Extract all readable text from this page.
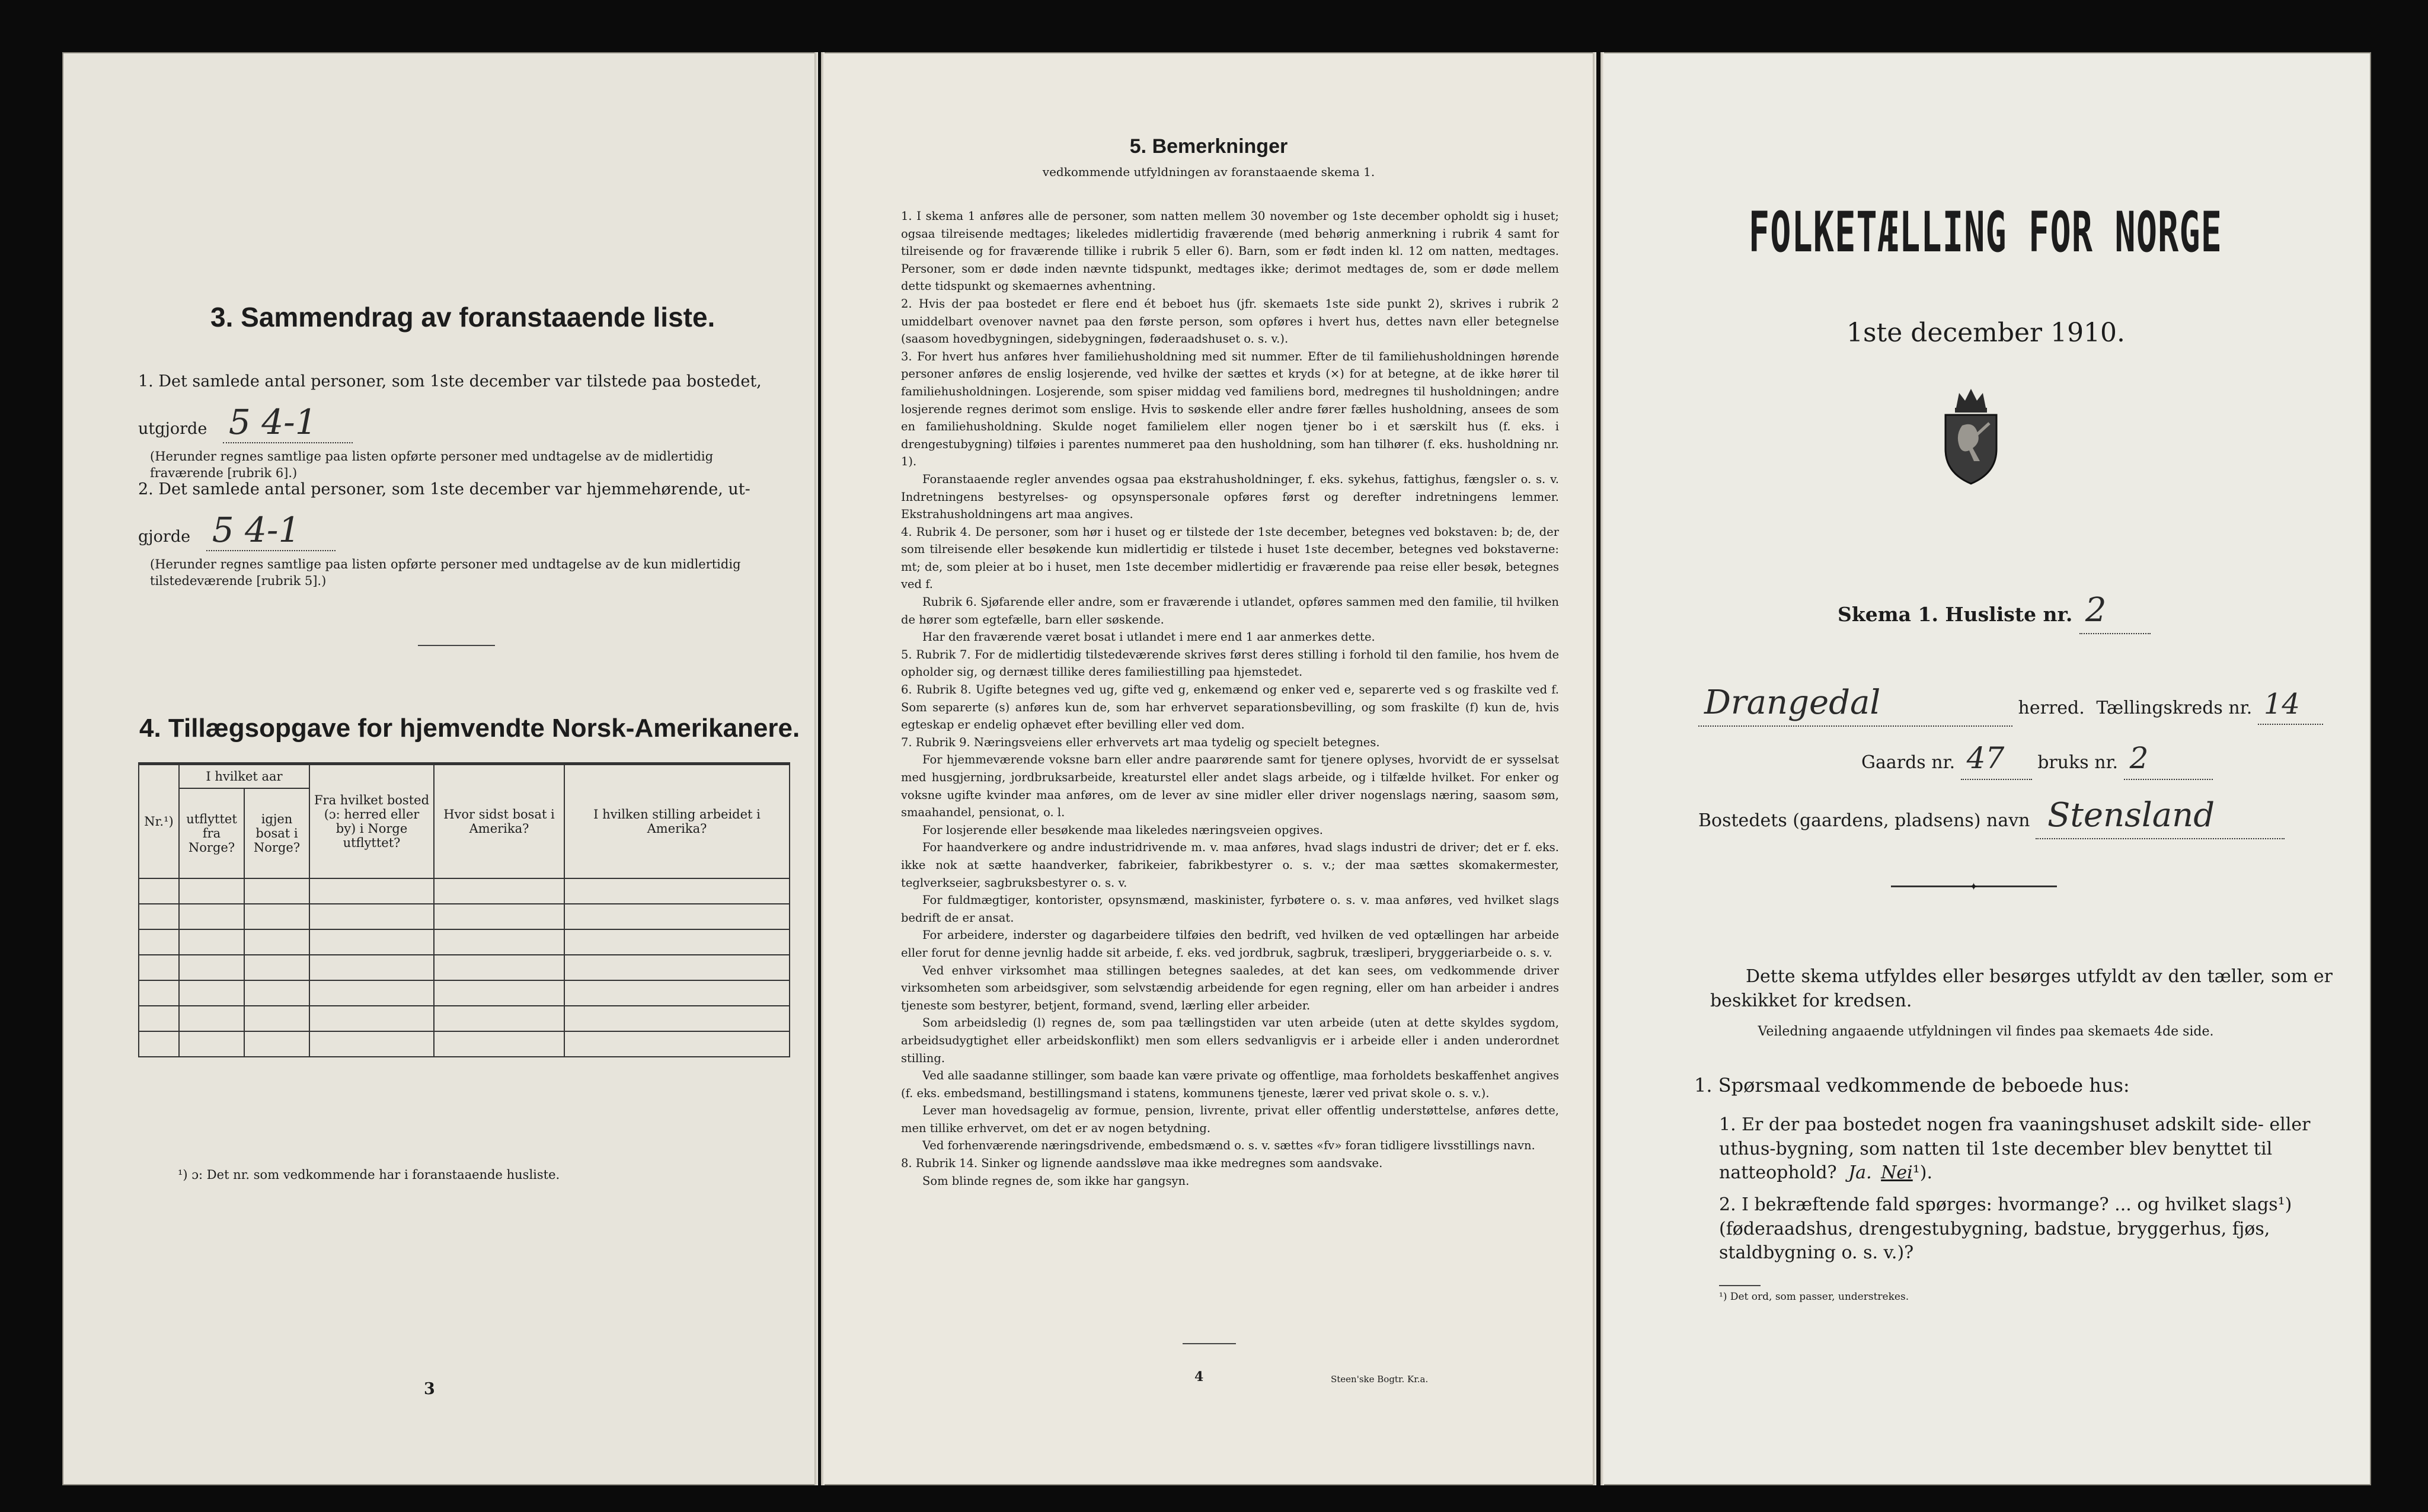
3. Sammendrag av foranstaaende liste.
1. Det samlede antal personer, som 1ste december var tilstede paa bostedet,
utgjorde 5 4-1
(Herunder regnes samtlige paa listen opførte personer med undtagelse av de midlertidig fraværende [rubrik 6].)
2. Det samlede antal personer, som 1ste december var hjemmehørende, ut-
gjorde 5 4-1
(Herunder regnes samtlige paa listen opførte personer med undtagelse av de kun midlertidig tilstedeværende [rubrik 5].)
4. Tillægsopgave for hjemvendte Norsk-Amerikanere.
Nr.¹)	I hvilket aar		Fra hvilket bosted (ɔ: herred eller by) i Norge utflyttet?	Hvor sidst bosat i Amerika?	I hvilken stilling arbeidet i Amerika?
	utflyttet fra Norge?	igjen bosat i Norge?			

¹) ɔ: Det nr. som vedkommende har i foranstaaende husliste.
3
5. Bemerkninger
vedkommende utfyldningen av foranstaaende skema 1.

1. I skema 1 anføres alle de personer, som natten mellem 30 november og 1ste december opholdt sig i huset; ogsaa tilreisende medtages; likeledes midlertidig fraværende (med behørig anmerkning i rubrik 4 samt for tilreisende og for fraværende tillike i rubrik 5 eller 6). Barn, som er født inden kl. 12 om natten, medtages. Personer, som er døde inden nævnte tidspunkt, medtages ikke; derimot medtages de, som er døde mellem dette tidspunkt og skemaernes avhentning.

2. Hvis der paa bostedet er flere end ét beboet hus (jfr. skemaets 1ste side punkt 2), skrives i rubrik 2 umiddelbart ovenover navnet paa den første person, som opføres i hvert hus, dettes navn eller betegnelse (saasom hovedbygningen, sidebygningen, føderaadshuset o. s. v.).

3. For hvert hus anføres hver familiehusholdning med sit nummer. Efter de til familiehusholdningen hørende personer anføres de enslig losjerende, ved hvilke der sættes et kryds (×) for at betegne, at de ikke hører til familiehusholdningen. Losjerende, som spiser middag ved familiens bord, medregnes til husholdningen; andre losjerende regnes derimot som enslige. Hvis to søskende eller andre fører fælles husholdning, ansees de som en familiehusholdning. Skulde noget familielem eller nogen tjener bo i et særskilt hus (f. eks. i drengestubygning) tilføies i parentes nummeret paa den husholdning, som han tilhører (f. eks. husholdning nr. 1).

Foranstaaende regler anvendes ogsaa paa ekstrahusholdninger, f. eks. sykehus, fattighus, fængsler o. s. v. Indretningens bestyrelses- og opsynspersonale opføres først og derefter indretningens lemmer. Ekstrahusholdningens art maa angives.

4. Rubrik 4. De personer, som hør i huset og er tilstede der 1ste december, betegnes ved bokstaven: b; de, der som tilreisende eller besøkende kun midlertidig er tilstede i huset 1ste december, betegnes ved bokstaverne: mt; de, som pleier at bo i huset, men 1ste december midlertidig er fraværende paa reise eller besøk, betegnes ved f.

Rubrik 6. Sjøfarende eller andre, som er fraværende i utlandet, opføres sammen med den familie, til hvilken de hører som egtefælle, barn eller søskende.

Har den fraværende været bosat i utlandet i mere end 1 aar anmerkes dette.

5. Rubrik 7. For de midlertidig tilstedeværende skrives først deres stilling i forhold til den familie, hos hvem de opholder sig, og dernæst tillike deres familiestilling paa hjemstedet.

6. Rubrik 8. Ugifte betegnes ved ug, gifte ved g, enkemænd og enker ved e, separerte ved s og fraskilte ved f. Som separerte (s) anføres kun de, som har erhvervet separationsbevilling, og som fraskilte (f) kun de, hvis egteskap er endelig ophævet efter bevilling eller ved dom.

7. Rubrik 9. Næringsveiens eller erhvervets art maa tydelig og specielt betegnes.

For hjemmeværende voksne barn eller andre paarørende samt for tjenere oplyses, hvorvidt de er sysselsat med husgjerning, jordbruksarbeide, kreaturstel eller andet slags arbeide, og i tilfælde hvilket. For enker og voksne ugifte kvinder maa anføres, om de lever av sine midler eller driver nogenslags næring, saasom søm, smaahandel, pensionat, o. l.

For losjerende eller besøkende maa likeledes næringsveien opgives.

For haandverkere og andre industridrivende m. v. maa anføres, hvad slags industri de driver; det er f. eks. ikke nok at sætte haandverker, fabrikeier, fabrikbestyrer o. s. v.; der maa sættes skomakermester, teglverkseier, sagbruksbestyrer o. s. v.

For fuldmægtiger, kontorister, opsynsmænd, maskinister, fyrbøtere o. s. v. maa anføres, ved hvilket slags bedrift de er ansat.

For arbeidere, inderster og dagarbeidere tilføies den bedrift, ved hvilken de ved optællingen har arbeide eller forut for denne jevnlig hadde sit arbeide, f. eks. ved jordbruk, sagbruk, træsliperi, bryggeriarbeide o. s. v.

Ved enhver virksomhet maa stillingen betegnes saaledes, at det kan sees, om vedkommende driver virksomheten som arbeidsgiver, som selvstændig arbeidende for egen regning, eller om han arbeider i andres tjeneste som bestyrer, betjent, formand, svend, lærling eller arbeider.

Som arbeidsledig (l) regnes de, som paa tællingstiden var uten arbeide (uten at dette skyldes sygdom, arbeidsudygtighet eller arbeidskonflikt) men som ellers sedvanligvis er i arbeide eller i anden underordnet stilling.

Ved alle saadanne stillinger, som baade kan være private og offentlige, maa forholdets beskaffenhet angives (f. eks. embedsmand, bestillingsmand i statens, kommunens tjeneste, lærer ved privat skole o. s. v.).

Lever man hovedsagelig av formue, pension, livrente, privat eller offentlig understøttelse, anføres dette, men tillike erhvervet, om det er av nogen betydning.

Ved forhenværende næringsdrivende, embedsmænd o. s. v. sættes «fv» foran tidligere livsstillings navn.

8. Rubrik 14. Sinker og lignende aandssløve maa ikke medregnes som aandsvake.

Som blinde regnes de, som ikke har gangsyn.

4	Steen'ske Bogtr. Kr.a.
FOLKETÆLLING FOR NORGE
1ste december 1910.
Skema 1. Husliste nr. 2
Drangedal	herred. Tællingskreds nr. 14
Gaards nr. 47 bruks nr. 2
Bostedets (gaardens, pladsens) navn Stensland
✦
Dette skema utfyldes eller besørges utfyldt av den tæller, som er beskikket for kredsen.
Veiledning angaaende utfyldningen vil findes paa skemaets 4de side.
1. Spørsmaal vedkommende de beboede hus:
1. Er der paa bostedet nogen fra vaaningshuset adskilt side- eller uthus-bygning, som natten til 1ste december blev benyttet til natteophold? Ja. Nei¹).
2. I bekræftende fald spørges: hvormange? ... og hvilket slags¹) (føderaadshus, drengestubygning, badstue, bryggerhus, fjøs, staldbygning o. s. v.)?
¹) Det ord, som passer, understrekes.
